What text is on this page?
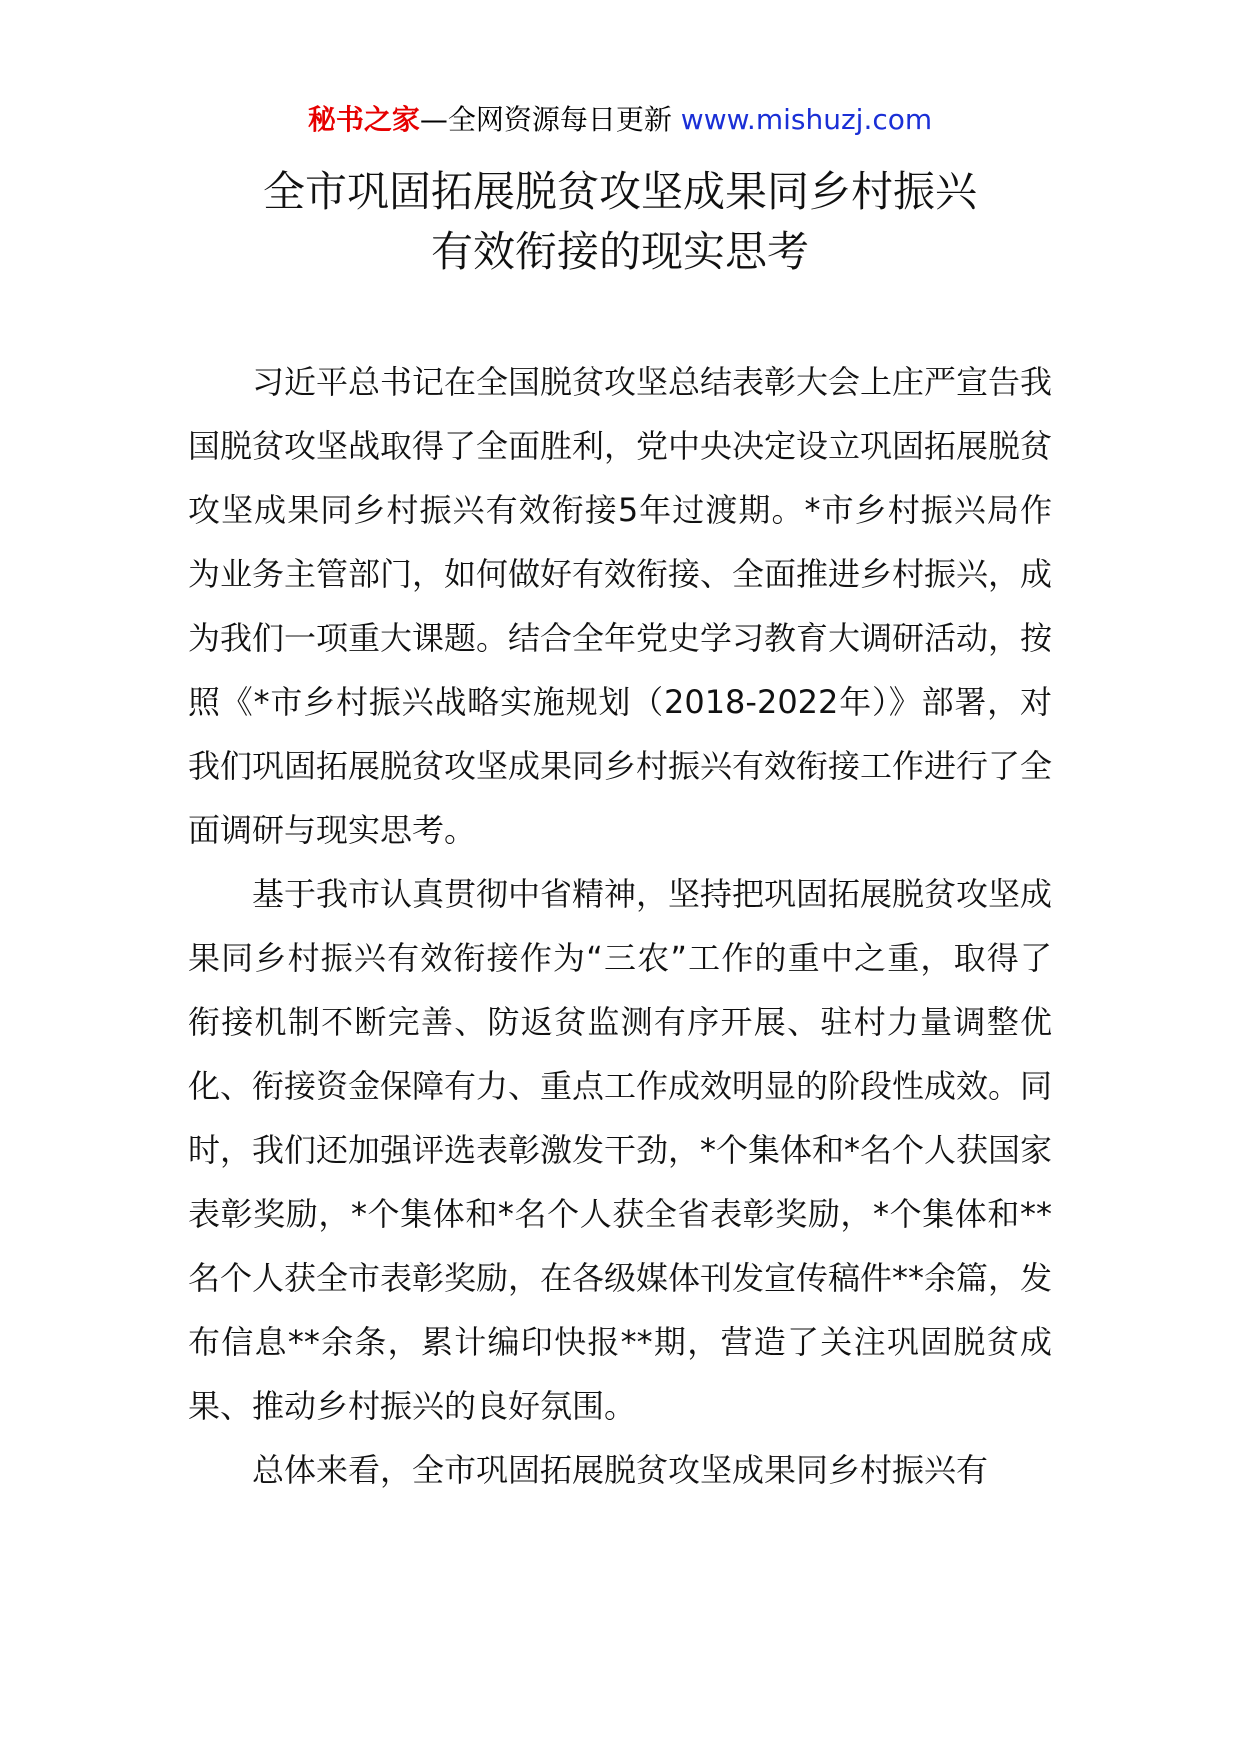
秘书之家—全网资源每日更新 www.mishuzj.com
全市巩固拓展脱贫攻坚成果同乡村振兴
有效衔接的现实思考

习近平总书记在全国脱贫攻坚总结表彰大会上庄严宣告我国脱贫攻坚战取得了全面胜利，党中央决定设立巩固拓展脱贫攻坚成果同乡村振兴有效衔接5年过渡期。*市乡村振兴局作为业务主管部门，如何做好有效衔接、全面推进乡村振兴，成为我们一项重大课题。结合全年党史学习教育大调研活动，按照《*市乡村振兴战略实施规划（2018-2022年）》部署，对我们巩固拓展脱贫攻坚成果同乡村振兴有效衔接工作进行了全面调研与现实思考。

基于我市认真贯彻中省精神，坚持把巩固拓展脱贫攻坚成果同乡村振兴有效衔接作为“三农”工作的重中之重，取得了衔接机制不断完善、防返贫监测有序开展、驻村力量调整优化、衔接资金保障有力、重点工作成效明显的阶段性成效。同时，我们还加强评选表彰激发干劲，*个集体和*名个人获国家表彰奖励，*个集体和*名个人获全省表彰奖励，*个集体和**名个人获全市表彰奖励，在各级媒体刊发宣传稿件**余篇，发布信息**余条，累计编印快报**期，营造了关注巩固脱贫成果、推动乡村振兴的良好氛围。

总体来看，全市巩固拓展脱贫攻坚成果同乡村振兴有
